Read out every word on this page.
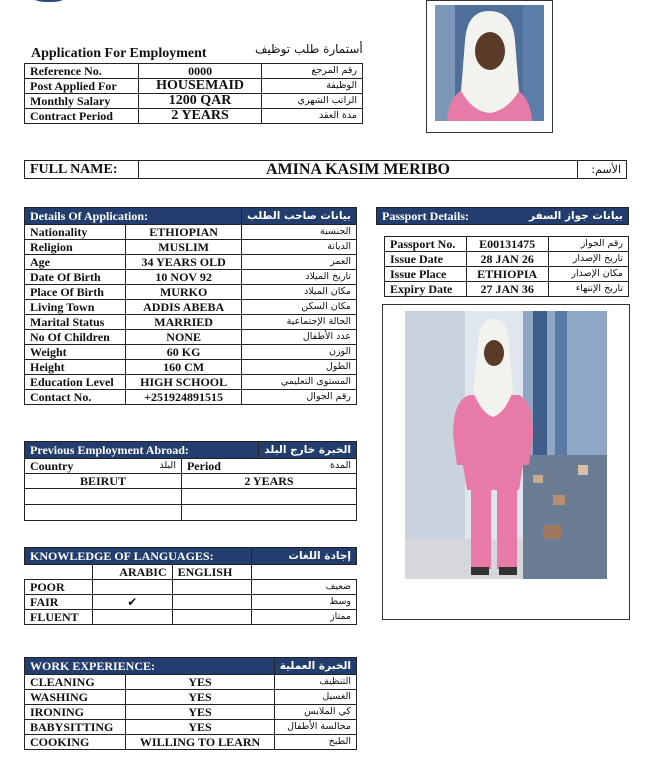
Application For Employment	أستمارة طلب توظيف
Reference No.	0000	رقم المرجع
Post Applied For	HOUSEMAID	الوظيفة
Monthly Salary	1200 QAR	الراتب الشهري
Contract Period	2 YEARS	مدة العقد
FULL NAME:	AMINA KASIM MERIBO	الأسم:
Details Of Application:		بيانات صاحب الطلب
Nationality	ETHIOPIAN	الجنسية
Religion	MUSLIM	الديانة
Age	34 YEARS OLD	العمر
Date Of Birth	10 NOV 92	تاريخ الميلاد
Place Of Birth	MURKO	مكان الميلاد
Living Town	ADDIS ABEBA	مكان السكن
Marital Status	MARRIED	الحالة الإجتماعية
No Of Children	NONE	عدد الأطفال
Weight	60 KG	الوزن
Height	160 CM	الطول
Education Level	HIGH SCHOOL	المستوى التعليمي
Contact No.	+251924891515	رقم الجوال
Passport Details:	بيانات جواز السفر
Passport No.	E00131475	رقم الجواز
Issue Date	28 JAN 26	تاريخ الإصدار
Issue Place	ETHIOPIA	مكان الإصدار
Expiry Date	27 JAN 36	تاريخ الإنتهاء
Previous Employment Abroad:			الخبرة خارج البلد
Country	البلد	Period	المدة
BEIRUT		2 YEARS	

KNOWLEDGE OF LANGUAGES:			إجادة اللغات
	ARABIC	ENGLISH	
POOR			ضعيف
FAIR	✔		وسط
FLUENT			ممتاز
WORK EXPERIENCE:		الخبرة العملية
CLEANING	YES	التنظيف
WASHING	YES	الغسيل
IRONING	YES	كي الملابس
BABYSITTING	YES	مجالسة الأطفال
COOKING	WILLING TO LEARN	الطبخ
